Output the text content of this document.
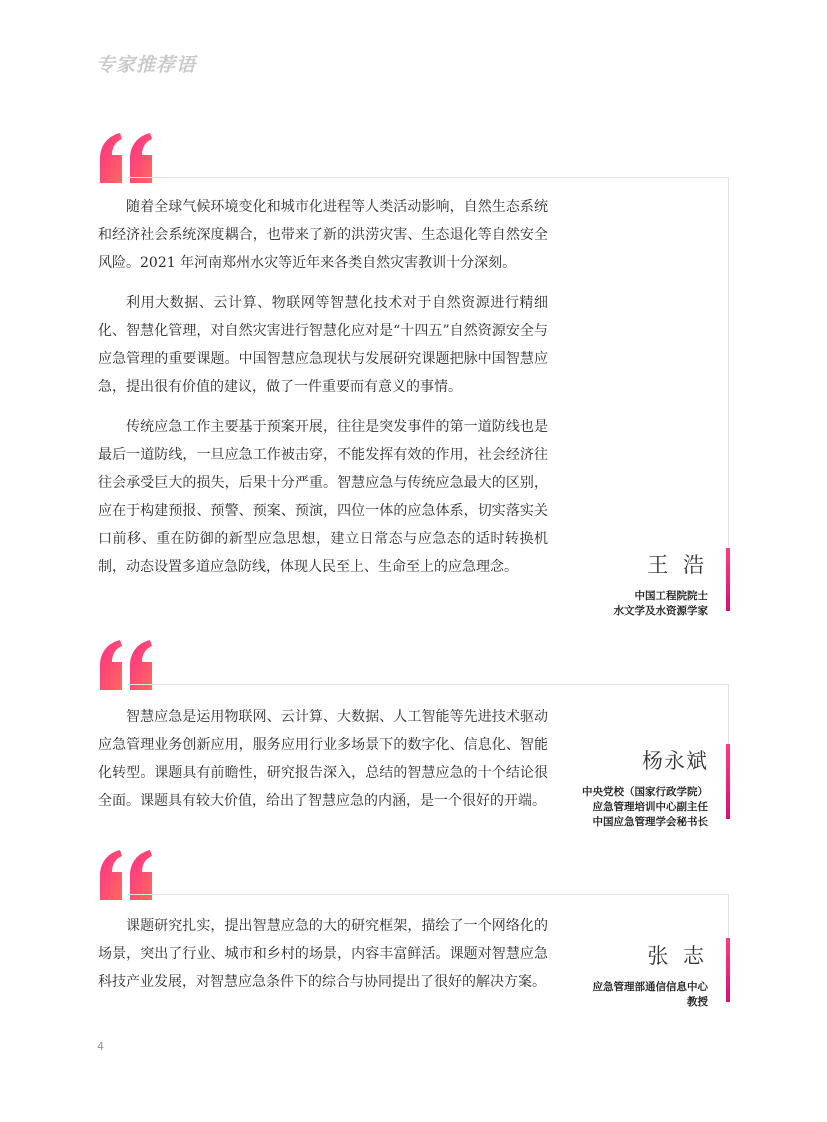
专家推荐语

随着全球气候环境变化和城市化进程等人类活动影响，自然生态系统和经济社会系统深度耦合，也带来了新的洪涝灾害、生态退化等自然安全风险。2021 年河南郑州水灾等近年来各类自然灾害教训十分深刻。

利用大数据、云计算、物联网等智慧化技术对于自然资源进行精细化、智慧化管理，对自然灾害进行智慧化应对是“十四五”自然资源安全与应急管理的重要课题。中国智慧应急现状与发展研究课题把脉中国智慧应急，提出很有价值的建议，做了一件重要而有意义的事情。

传统应急工作主要基于预案开展，往往是突发事件的第一道防线也是最后一道防线，一旦应急工作被击穿，不能发挥有效的作用，社会经济往往会承受巨大的损失，后果十分严重。智慧应急与传统应急最大的区别，应在于构建预报、预警、预案、预演，四位一体的应急体系，切实落实关口前移、重在防御的新型应急思想，建立日常态与应急态的适时转换机制，动态设置多道应急防线，体现人民至上、生命至上的应急理念。	王 浩
中国工程院院士
水文学及水资源学家

智慧应急是运用物联网、云计算、大数据、人工智能等先进技术驱动应急管理业务创新应用，服务应用行业多场景下的数字化、信息化、智能化转型。课题具有前瞻性，研究报告深入，总结的智慧应急的十个结论很全面。课题具有较大价值，给出了智慧应急的内涵，是一个很好的开端。

杨永斌
中央党校（国家行政学院）
应急管理培训中心副主任
中国应急管理学会秘书长

课题研究扎实，提出智慧应急的大的研究框架，描绘了一个网络化的场景，突出了行业、城市和乡村的场景，内容丰富鲜活。课题对智慧应急科技产业发展，对智慧应急条件下的综合与协同提出了很好的解决方案。

张 志
应急管理部通信信息中心
教授
4
